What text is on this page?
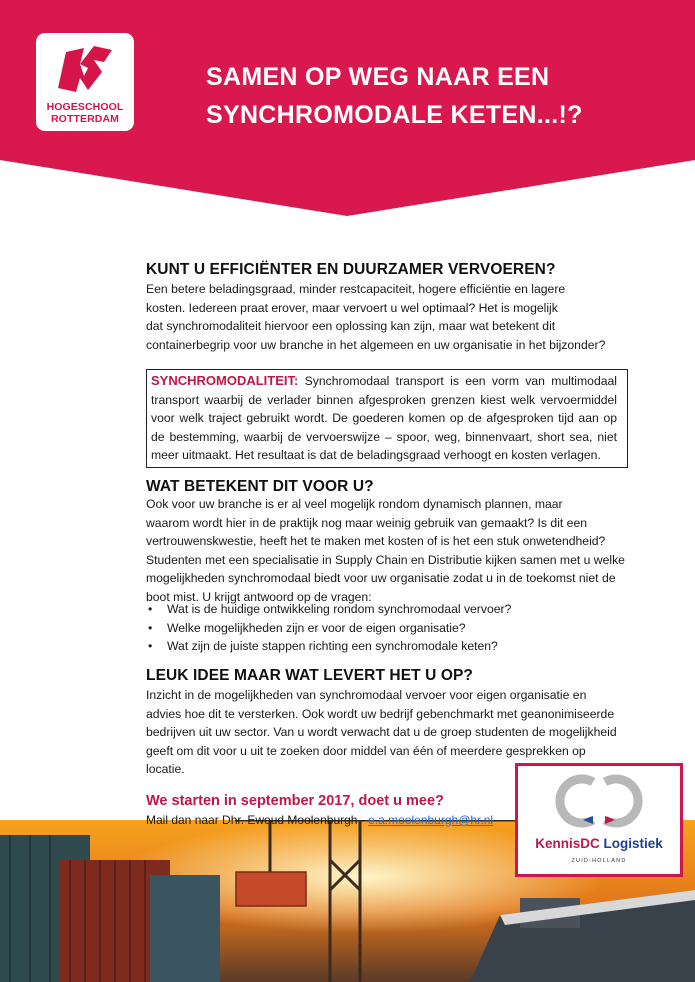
HOGESCHOOL
ROTTERDAM
SAMEN OP WEG NAAR EEN
SYNCHROMODALE KETEN...!?
KUNT U EFFICIËNTER EN DUURZAMER VERVOEREN?
Een betere beladingsgraad, minder restcapaciteit, hogere efficiëntie en lagere
kosten. Iedereen praat erover, maar vervoert u wel optimaal? Het is mogelijk
dat synchromodaliteit hiervoor een oplossing kan zijn, maar wat betekent dit
containerbegrip voor uw branche in het algemeen en uw organisatie in het bijzonder?
SYNCHROMODALITEIT: Synchromodaal transport is een vorm van multimodaal transport waarbij de verlader binnen afgesproken grenzen kiest welk vervoermiddel voor welk traject gebruikt wordt. De goederen komen op de afgesproken tijd aan op de bestemming, waarbij de vervoerswijze – spoor, weg, binnenvaart, short sea, niet meer uitmaakt. Het resultaat is dat de beladingsgraad verhoogt en kosten verlagen.
WAT BETEKENT DIT VOOR U?
Ook voor uw branche is er al veel mogelijk rondom dynamisch plannen, maar
waarom wordt hier in de praktijk nog maar weinig gebruik van gemaakt? Is dit een
vertrouwenskwestie, heeft het te maken met kosten of is het een stuk onwetendheid?
Studenten met een specialisatie in Supply Chain en Distributie kijken samen met u welke
mogelijkheden synchromodaal biedt voor uw organisatie zodat u in de toekomst niet de
boot mist. U krijgt antwoord op de vragen:
• Wat is de huidige ontwikkeling rondom synchromodaal vervoer?
• Welke mogelijkheden zijn er voor de eigen organisatie?
• Wat zijn de juiste stappen richting een synchromodale keten?
LEUK IDEE MAAR WAT LEVERT HET U OP?
Inzicht in de mogelijkheden van synchromodaal vervoer voor eigen organisatie en
advies hoe dit te versterken. Ook wordt uw bedrijf gebenchmarkt met geanonimiseerde
bedrijven uit uw sector. Van u wordt verwacht dat u de groep studenten de mogelijkheid
geeft om dit voor u uit te zoeken door middel van één of meerdere gesprekken op
locatie.

We starten in september 2017, doet u mee?

Mail dan naar Dhr. Ewoud Moolenburgh - e.a.moolenburgh@hr.nl
KennisDC Logistiek
ZUID-HOLLAND
